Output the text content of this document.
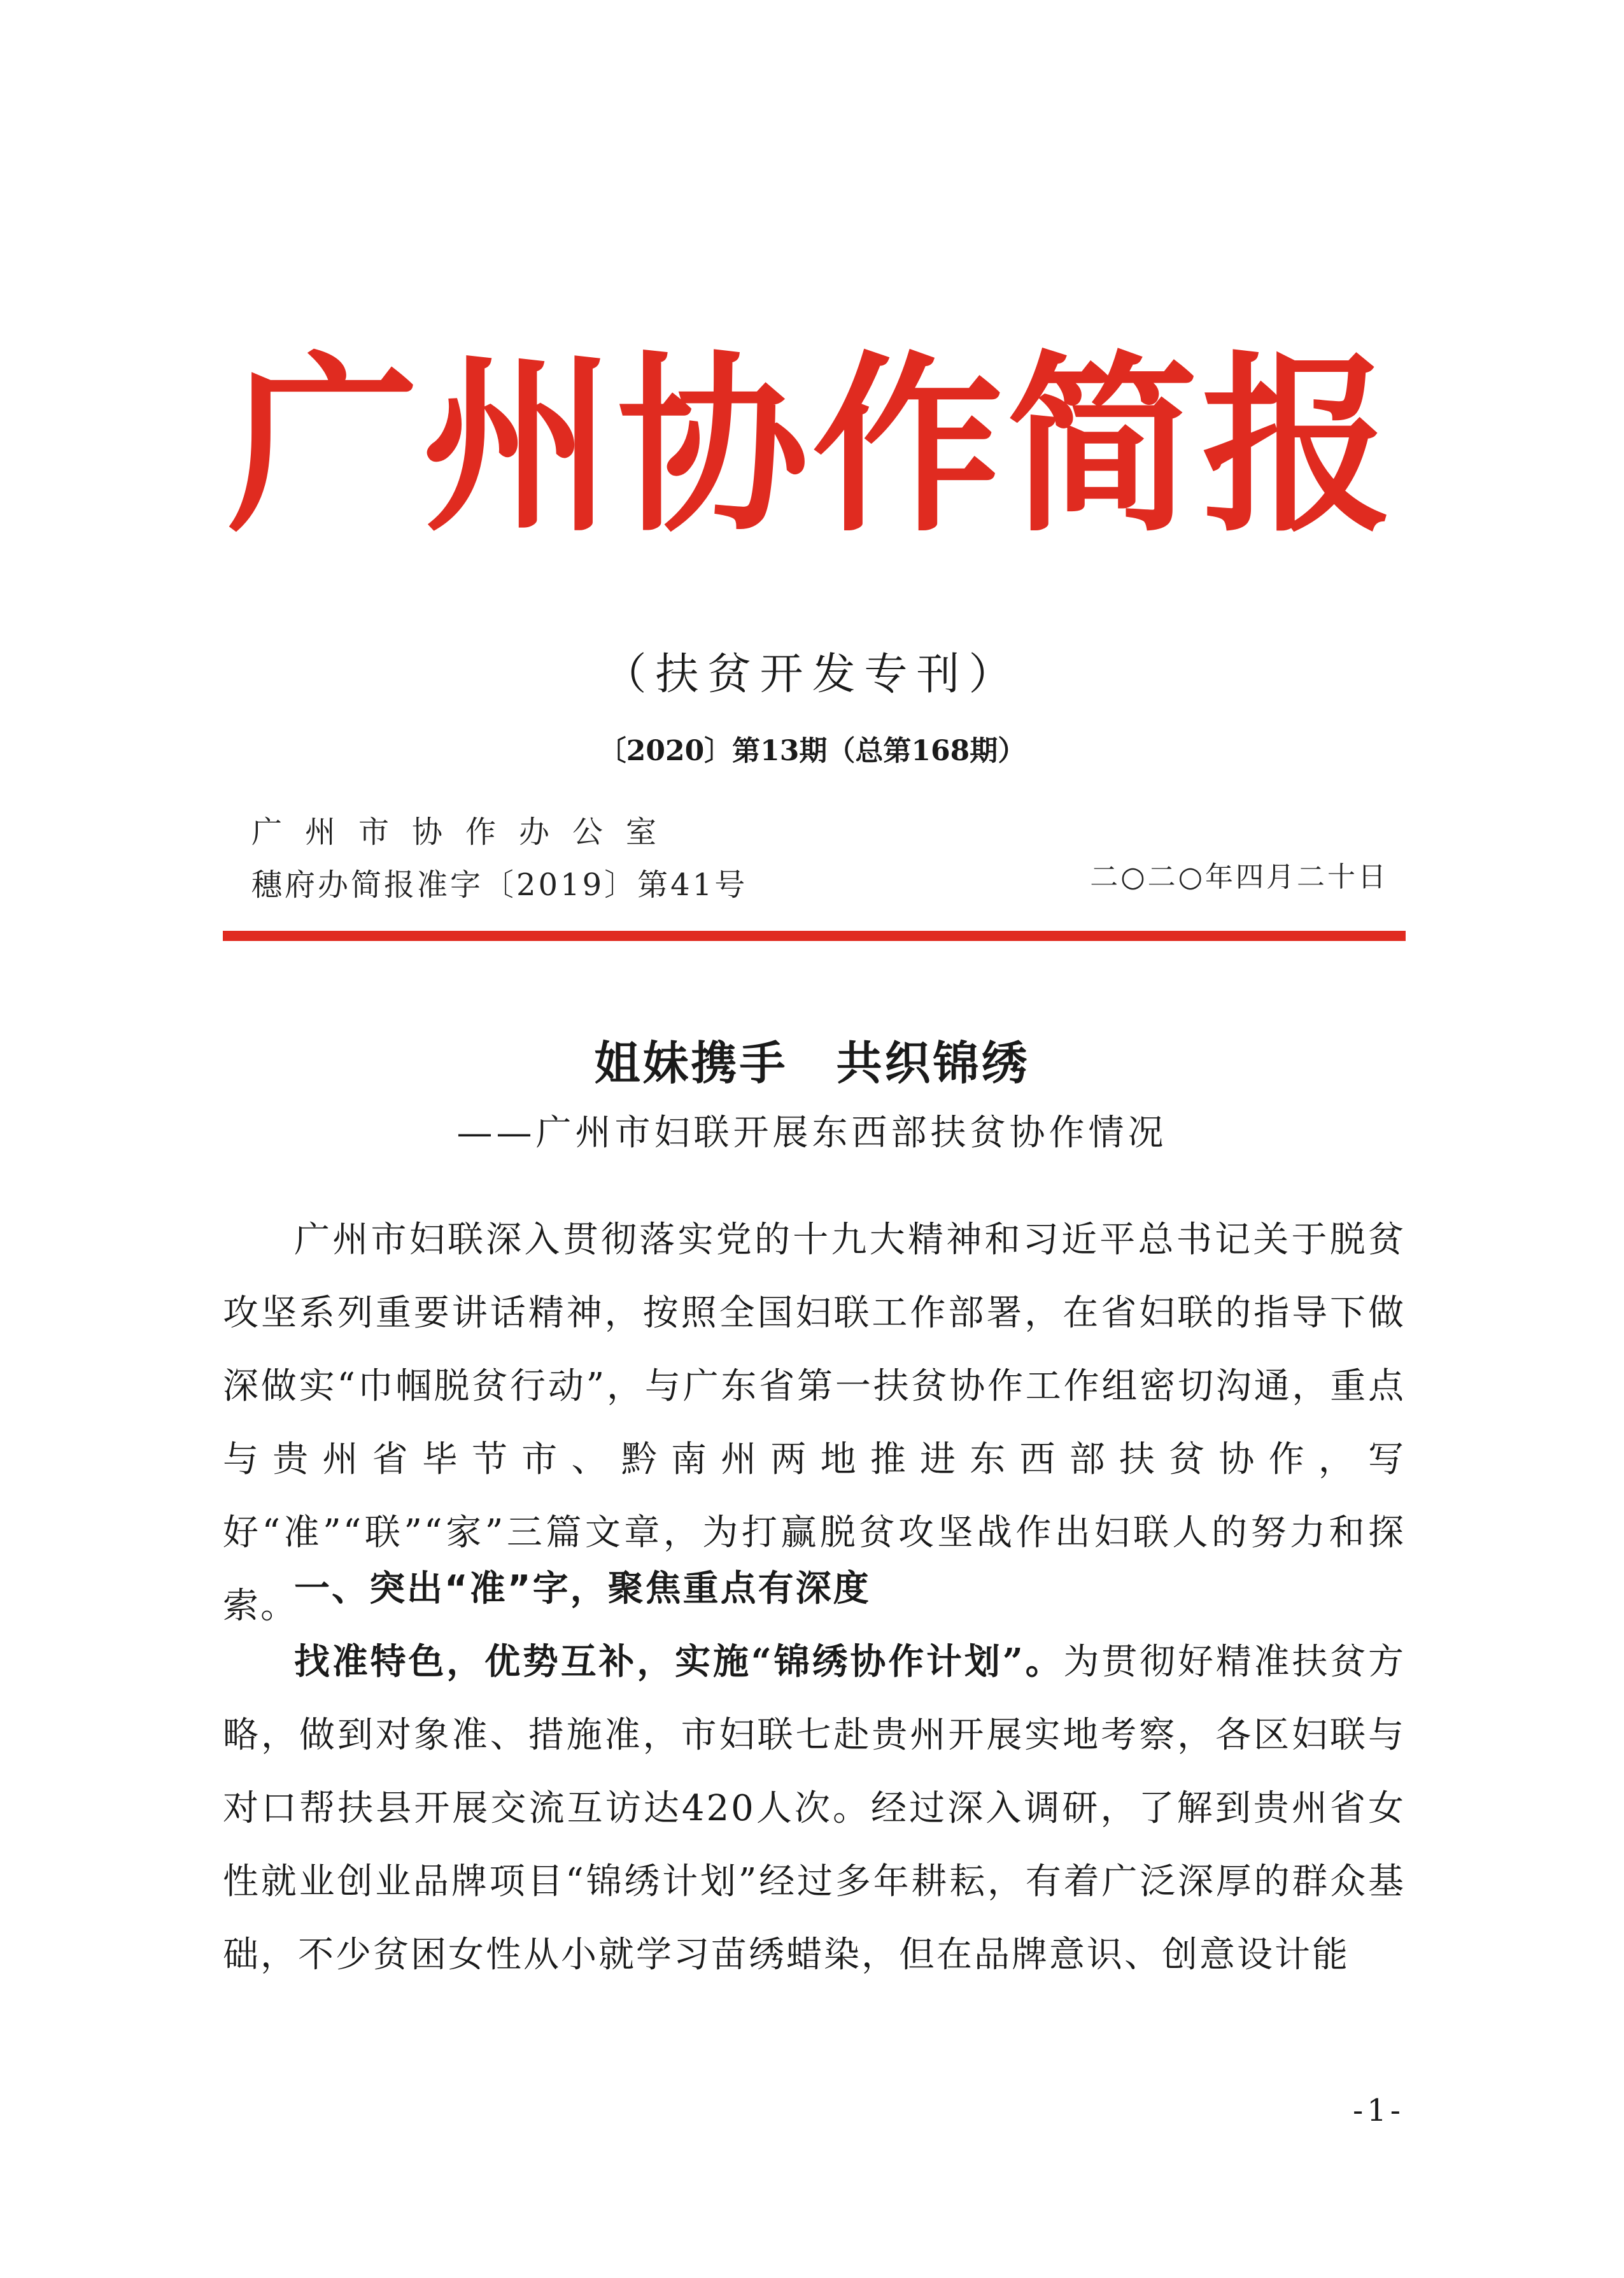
广州协作简报
（扶贫开发专刊）
〔2020〕第13期（总第168期）
广州市协作办公室
穗府办简报准字〔2019〕第41号	二○二○年四月二十日
姐妹携手　共织锦绣
——广州市妇联开展东西部扶贫协作情况
广州市妇联深入贯彻落实党的十九大精神和习近平总书记关于脱贫攻坚系列重要讲话精神，按照全国妇联工作部署，在省妇联的指导下做深做实“巾帼脱贫行动”，与广东省第一扶贫协作工作组密切沟通，重点与贵州省毕节市、黔南州两地推进东西部扶贫协作，写好“准”“联”“家”三篇文章，为打赢脱贫攻坚战作出妇联人的努力和探索。
一、突出“准”字，聚焦重点有深度
找准特色，优势互补，实施“锦绣协作计划”。为贯彻好精准扶贫方略，做到对象准、措施准，市妇联七赴贵州开展实地考察，各区妇联与对口帮扶县开展交流互访达420人次。经过深入调研，了解到贵州省女性就业创业品牌项目“锦绣计划”经过多年耕耘，有着广泛深厚的群众基础，不少贫困女性从小就学习苗绣蜡染，但在品牌意识、创意设计能
-1-
